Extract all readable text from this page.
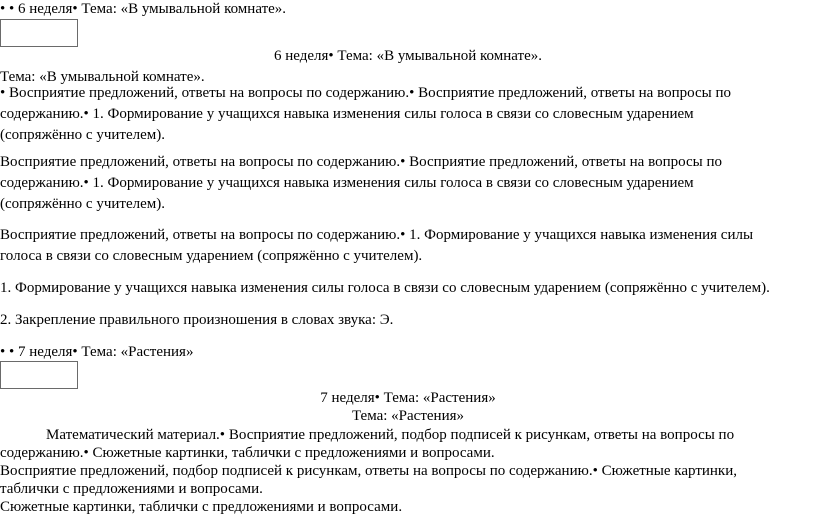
• • 6 неделя• Тема: «В умывальной комнате».
6 неделя• Тема: «В умывальной комнате».
Тема: «В умывальной комнате».
• Восприятие предложений, ответы на вопросы по содержанию.• Восприятие предложений, ответы на вопросы по
содержанию.• 1. Формирование у учащихся навыка изменения силы голоса в связи со словесным ударением
(сопряжённо с учителем).
Восприятие предложений, ответы на вопросы по содержанию.• Восприятие предложений, ответы на вопросы по
содержанию.• 1. Формирование у учащихся навыка изменения силы голоса в связи со словесным ударением
(сопряжённо с учителем).
Восприятие предложений, ответы на вопросы по содержанию.• 1. Формирование у учащихся навыка изменения силы
голоса в связи со словесным ударением (сопряжённо с учителем).
1. Формирование у учащихся навыка изменения силы голоса в связи со словесным ударением (сопряжённо с учителем).
2. Закрепление правильного произношения в словах звука: Э.
• • 7 неделя• Тема: «Растения»
7 неделя• Тема: «Растения»
Тема: «Растения»
Математический материал.• Восприятие предложений, подбор подписей к рисункам, ответы на вопросы по
содержанию.• Сюжетные картинки, таблички с предложениями и вопросами.
Восприятие предложений, подбор подписей к рисункам, ответы на вопросы по содержанию.• Сюжетные картинки,
таблички с предложениями и вопросами.
Сюжетные картинки, таблички с предложениями и вопросами.
